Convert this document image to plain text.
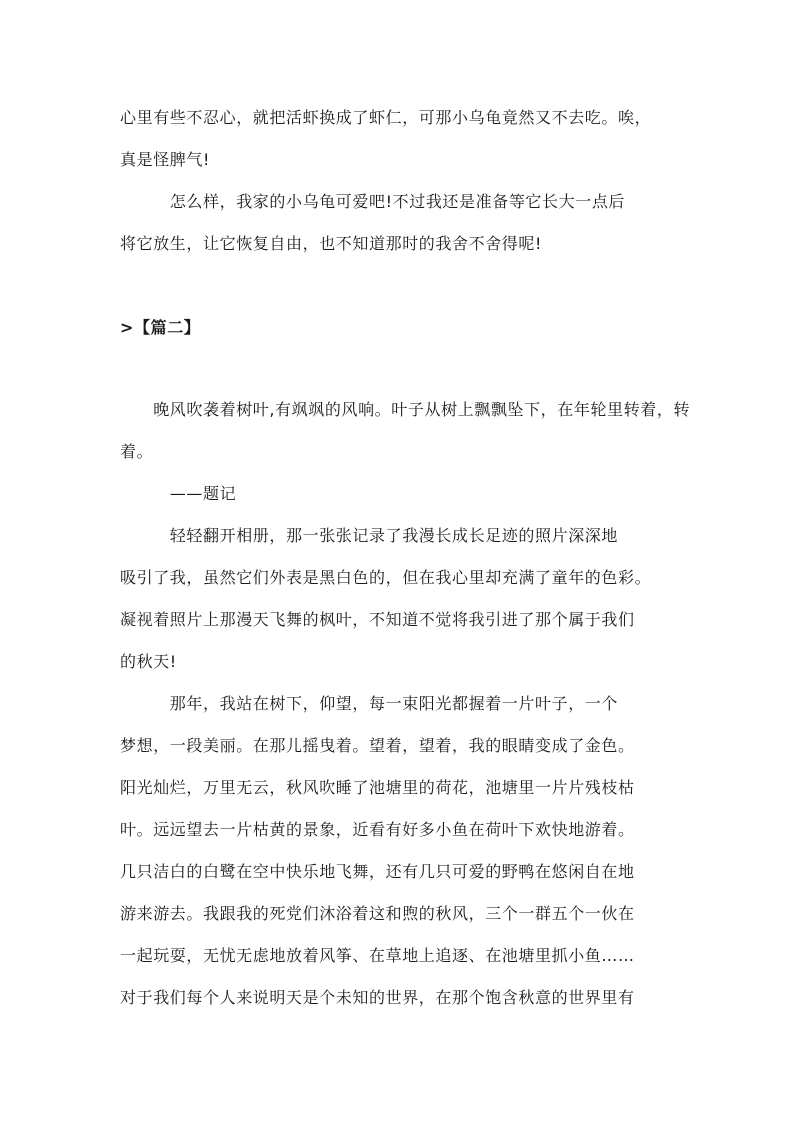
心里有些不忍心，就把活虾换成了虾仁，可那小乌龟竟然又不去吃。唉，
真是怪脾气!
　　　怎么样，我家的小乌龟可爱吧!不过我还是准备等它长大一点后
将它放生，让它恢复自由，也不知道那时的我舍不舍得呢!
>【篇二】
　　晚风吹袭着树叶,有飒飒的风响。叶子从树上飘飘坠下，在年轮里转着，转
着。
　　　——题记
　　　轻轻翻开相册，那一张张记录了我漫长成长足迹的照片深深地
吸引了我，虽然它们外表是黑白色的，但在我心里却充满了童年的色彩。
凝视着照片上那漫天飞舞的枫叶，不知道不觉将我引进了那个属于我们
的秋天!
　　　那年，我站在树下，仰望，每一束阳光都握着一片叶子，一个
梦想，一段美丽。在那儿摇曳着。望着，望着，我的眼睛变成了金色。
阳光灿烂，万里无云，秋风吹睡了池塘里的荷花，池塘里一片片残枝枯
叶。远远望去一片枯黄的景象，近看有好多小鱼在荷叶下欢快地游着。
几只洁白的白鹭在空中快乐地飞舞，还有几只可爱的野鸭在悠闲自在地
游来游去。我跟我的死党们沐浴着这和煦的秋风，三个一群五个一伙在
一起玩耍，无忧无虑地放着风筝、在草地上追逐、在池塘里抓小鱼……
对于我们每个人来说明天是个未知的世界，在那个饱含秋意的世界里有
